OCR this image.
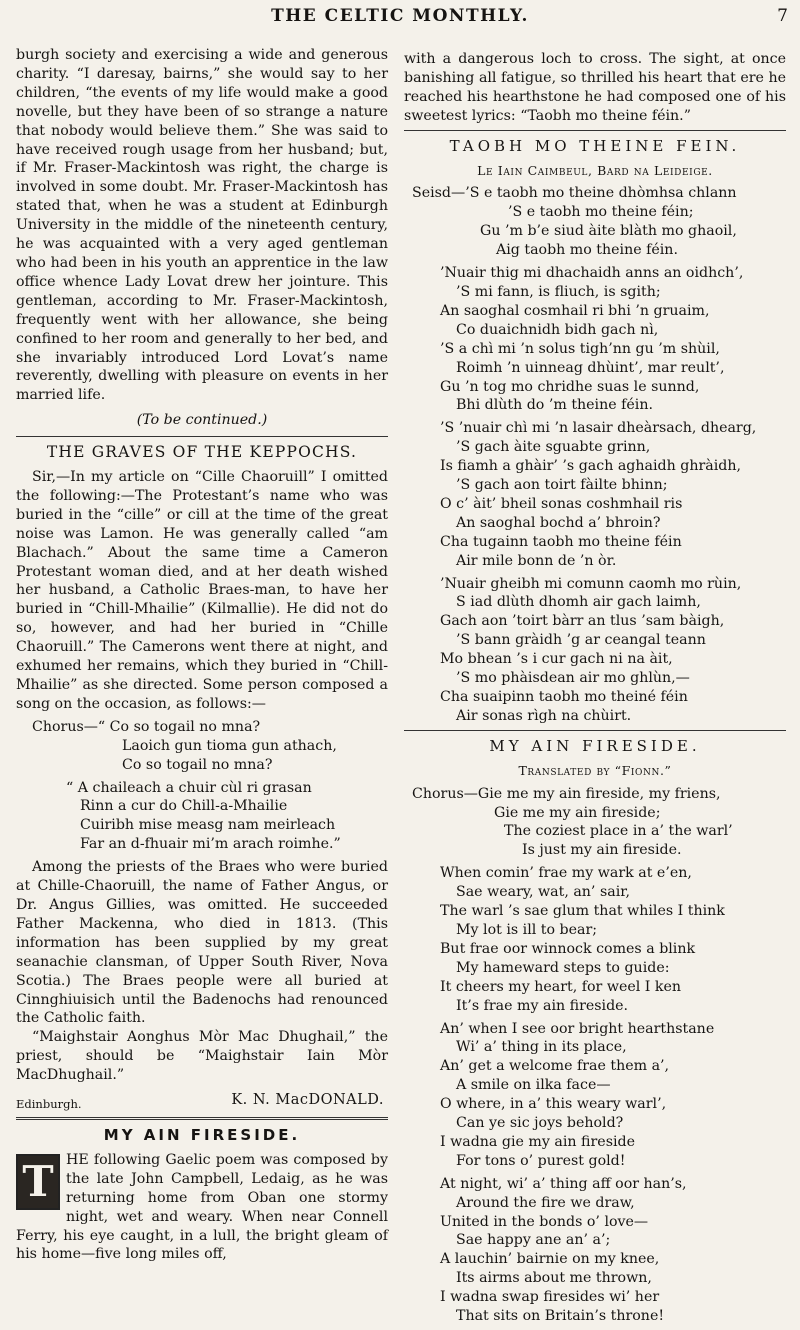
THE CELTIC MONTHLY.	7

burgh society and exercising a wide and generous charity. “I daresay, bairns,” she would say to her children, “the events of my life would make a good novelle, but they have been of so strange a nature that nobody would believe them.” She was said to have received rough usage from her husband; but, if Mr. Fraser-Mackintosh was right, the charge is involved in some doubt. Mr. Fraser-Mackintosh has stated that, when he was a student at Edinburgh University in the middle of the nineteenth century, he was acquainted with a very aged gentleman who had been in his youth an apprentice in the law office whence Lady Lovat drew her jointure. This gentleman, according to Mr. Fraser-Mackintosh, frequently went with her allowance, she being confined to her room and generally to her bed, and she invariably introduced Lord Lovat’s name reverently, dwelling with pleasure on events in her married life.

(To be continued.)
THE GRAVES OF THE KEPPOCHS.

Sir,—In my article on “Cille Chaoruill” I omitted the following:—The Protestant’s name who was buried in the “cille” or cill at the time of the great noise was Lamon. He was generally called “am Blachach.” About the same time a Cameron Protestant woman died, and at her death wished her husband, a Catholic Braes-man, to have her buried in “Chill-Mhailie” (Kilmallie). He did not do so, however, and had her buried in “Chille Chaoruill.” The Camerons went there at night, and exhumed her remains, which they buried in “Chill-Mhailie” as she directed. Some person composed a song on the occasion, as follows:—

Chorus—“ Co so togail no mna?
Laoich gun tioma gun athach,
Co so togail no mna?
“ A chaileach a chuir cùl ri grasan
Rinn a cur do Chill-a-Mhailie
Cuiribh mise measg nam meirleach
Far an d-fhuair mi’m arach roimhe.”

Among the priests of the Braes who were buried at Chille-Chaoruill, the name of Father Angus, or Dr. Angus Gillies, was omitted. He succeeded Father Mackenna, who died in 1813. (This information has been supplied by my great seanachie clansman, of Upper South River, Nova Scotia.) The Braes people were all buried at Cinnghiuisich until the Badenochs had renounced the Catholic faith.

“Maighstair Aonghus Mòr Mac Dhughail,” the priest, should be “Maighstair Iain Mòr MacDhughail.”

Edinburgh.	K. N. MacDONALD.
MY AIN FIRESIDE.
T HE following Gaelic poem was composed by the late John Campbell, Ledaig, as he was returning home from Oban one stormy night, wet and weary. When near Connell Ferry, his eye caught, in a lull, the bright gleam of his home—five long miles off,

with a dangerous loch to cross. The sight, at once banishing all fatigue, so thrilled his heart that ere he reached his hearthstone he had composed one of his sweetest lyrics: “Taobh mo theine féin.”

TAOBH MO THEINE FEIN.
Le Iain Caimbeul, Bard na Leideige.
Seisd—’S e taobh mo theine dhòmhsa chlann
’S e taobh mo theine féin;
Gu ’m b’e siud àite blàth mo ghaoil,
Aig taobh mo theine féin.
’Nuair thig mi dhachaidh anns an oidhch’,
’S mi fann, is fliuch, is sgith;
An saoghal cosmhail ri bhi ’n gruaim,
Co duaichnidh bidh gach nì,
’S a chì mi ’n solus tigh’nn gu ’m shùil,
Roimh ’n uinneag dhùint’, mar reult’,
Gu ’n tog mo chridhe suas le sunnd,
Bhi dlùth do ’m theine féin.
’S ’nuair chì mi ’n lasair dheàrsach, dhearg,
’S gach àite sguabte grinn,
Is fiamh a ghàir’ ’s gach aghaidh ghràidh,
’S gach aon toirt fàilte bhinn;
O c’ àit’ bheil sonas coshmhail ris
An saoghal bochd a’ bhroin?
Cha tugainn taobh mo theine féin
Air mile bonn de ’n òr.
’Nuair gheibh mi comunn caomh mo rùin,
S iad dlùth dhomh air gach laimh,
Gach aon ’toirt bàrr an tlus ’sam bàigh,
’S bann gràidh ’g ar ceangal teann
Mo bhean ’s i cur gach ni na àit,
’S mo phàisdean air mo ghlùn,—
Cha suaipinn taobh mo theiné féin
Air sonas rìgh na chùirt.
MY AIN FIRESIDE.
Translated by “Fionn.”
Chorus—Gie me my ain fireside, my friens,
Gie me my ain fireside;
The coziest place in a’ the warl’
Is just my ain fireside.
When comin’ frae my wark at e’en,
Sae weary, wat, an’ sair,
The warl ’s sae glum that whiles I think
My lot is ill to bear;
But frae oor winnock comes a blink
My hameward steps to guide:
It cheers my heart, for weel I ken
It’s frae my ain fireside.
An’ when I see oor bright hearthstane
Wi’ a’ thing in its place,
An’ get a welcome frae them a’,
A smile on ilka face—
O where, in a’ this weary warl’,
Can ye sic joys behold?
I wadna gie my ain fireside
For tons o’ purest gold!
At night, wi’ a’ thing aff oor han’s,
Around the fire we draw,
United in the bonds o’ love—
Sae happy ane an’ a’;
A lauchin’ bairnie on my knee,
Its airms about me thrown,
I wadna swap firesides wi’ her
That sits on Britain’s throne!
